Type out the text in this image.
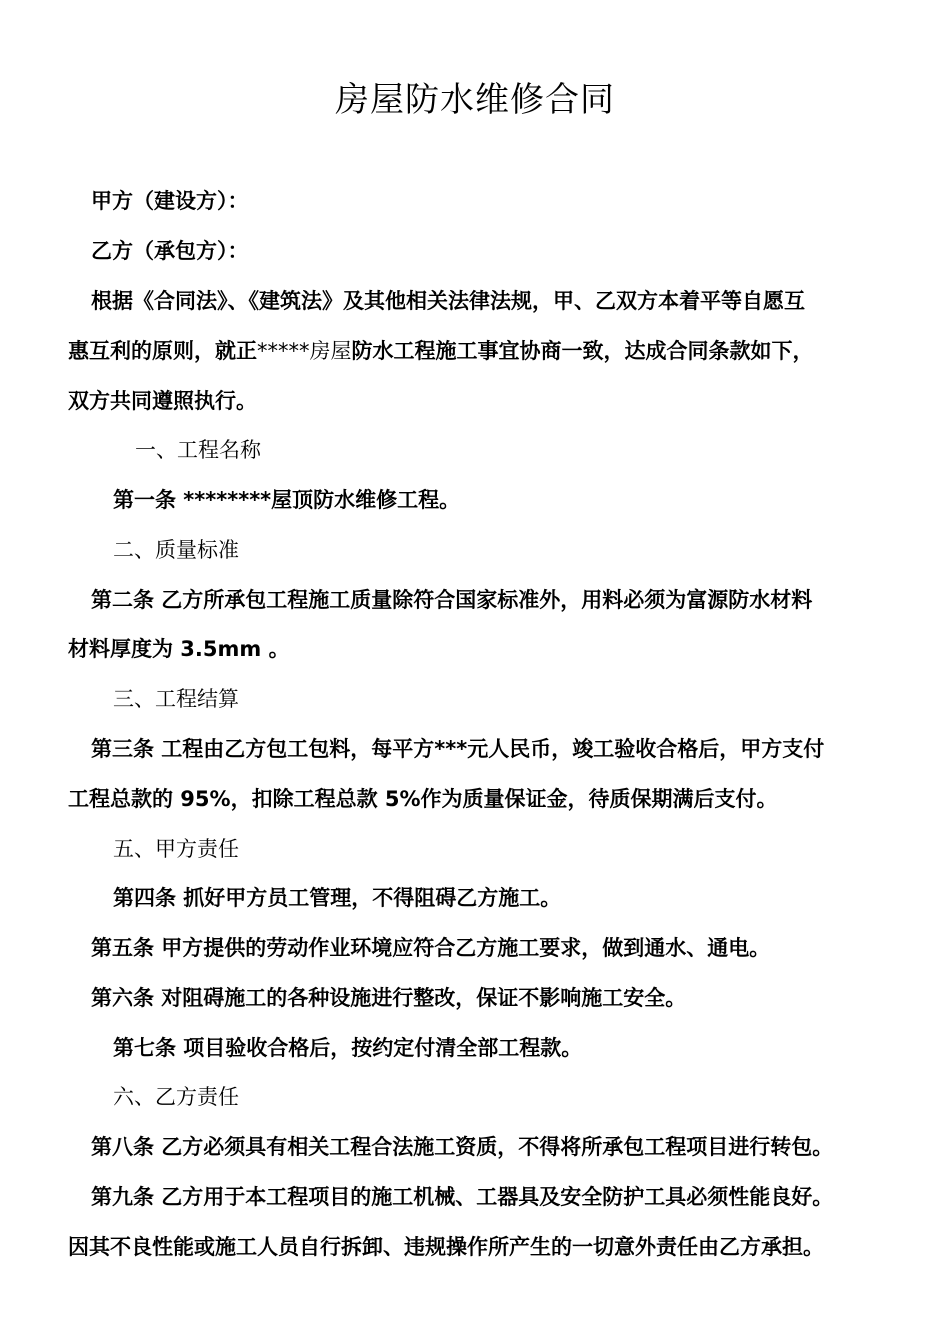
房屋防水维修合同
甲方（建设方）：
乙方（承包方）：
根据《合同法》、《建筑法》及其他相关法律法规，甲、乙双方本着平等自愿互
惠互利的原则，就正*****房屋防水工程施工事宜协商一致，达成合同条款如下，
双方共同遵照执行。
一、工程名称
第一条 ********屋顶防水维修工程。
二、质量标准
第二条 乙方所承包工程施工质量除符合国家标准外，用料必须为富源防水材料
材料厚度为 3.5mm 。
三、工程结算
第三条 工程由乙方包工包料，每平方***元人民币，竣工验收合格后，甲方支付
工程总款的 95%，扣除工程总款 5%作为质量保证金，待质保期满后支付。
五、甲方责任
第四条 抓好甲方员工管理，不得阻碍乙方施工。
第五条 甲方提供的劳动作业环境应符合乙方施工要求，做到通水、通电。
第六条 对阻碍施工的各种设施进行整改，保证不影响施工安全。
第七条 项目验收合格后，按约定付清全部工程款。
六、乙方责任
第八条 乙方必须具有相关工程合法施工资质，不得将所承包工程项目进行转包。
第九条 乙方用于本工程项目的施工机械、工器具及安全防护工具必须性能良好。
因其不良性能或施工人员自行拆卸、违规操作所产生的一切意外责任由乙方承担。
